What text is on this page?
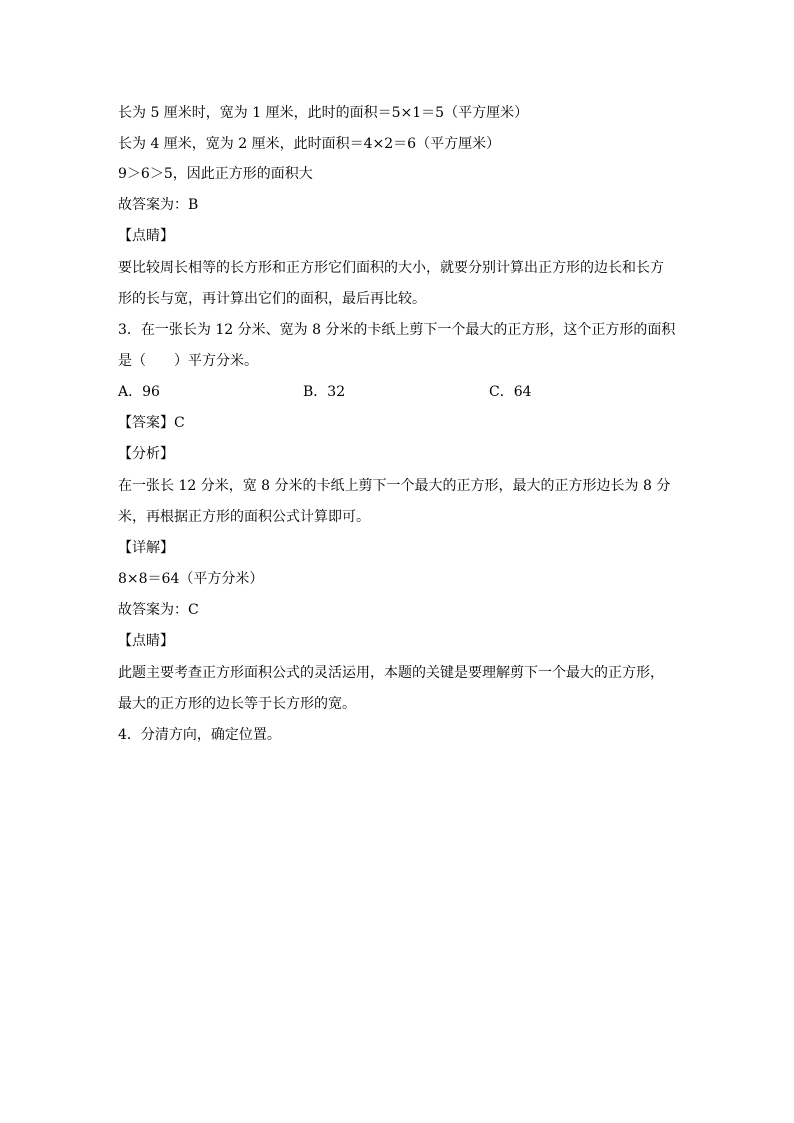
长为 5 厘米时，宽为 1 厘米，此时的面积＝5×1＝5（平方厘米）
长为 4 厘米，宽为 2 厘米，此时面积＝4×2＝6（平方厘米）
9＞6＞5，因此正方形的面积大
故答案为：B
【点睛】
要比较周长相等的长方形和正方形它们面积的大小，就要分别计算出正方形的边长和长方
形的长与宽，再计算出它们的面积，最后再比较。
3．在一张长为 12 分米、宽为 8 分米的卡纸上剪下一个最大的正方形，这个正方形的面积
是（　　）平方分米。
A．96	B．32	C．64
【答案】C
【分析】
在一张长 12 分米，宽 8 分米的卡纸上剪下一个最大的正方形，最大的正方形边长为 8 分
米，再根据正方形的面积公式计算即可。
【详解】
8×8＝64（平方分米）
故答案为：C
【点睛】
此题主要考查正方形面积公式的灵活运用，本题的关键是要理解剪下一个最大的正方形，
最大的正方形的边长等于长方形的宽。
4．分清方向，确定位置。
